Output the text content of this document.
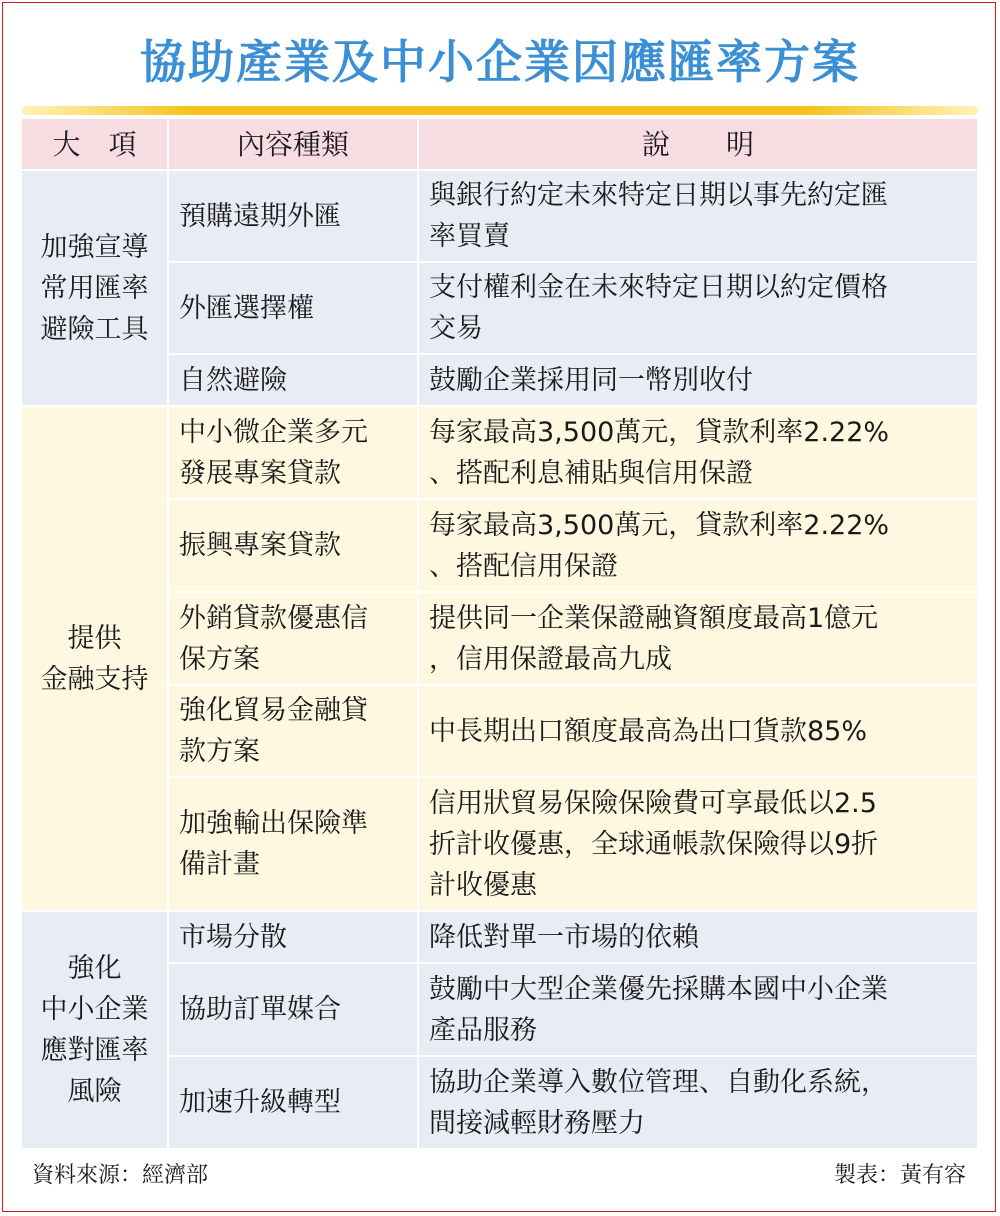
協助產業及中小企業因應匯率方案
大　項	內容種類	說　　明

加強宣導
常用匯率
避險工具	預購遠期外匯	與銀行約定未來特定日期以事先約定匯
率買賣

	外匯選擇權	支付權利金在未來特定日期以約定價格
交易

	自然避險	鼓勵企業採用同一幣別收付

提供
金融支持	中小微企業多元
發展專案貸款	每家最高3,500萬元，貸款利率2.22%
、搭配利息補貼與信用保證

	振興專案貸款	每家最高3,500萬元，貸款利率2.22%
、搭配信用保證

	外銷貸款優惠信
保方案	提供同一企業保證融資額度最高1億元
，信用保證最高九成

	強化貿易金融貸
款方案	中長期出口額度最高為出口貨款85%

	加強輸出保險準
備計畫	信用狀貿易保險保險費可享最低以2.5
折計收優惠，全球通帳款保險得以9折
計收優惠

強化
中小企業
應對匯率
風險	市場分散	降低對單一市場的依賴

	協助訂單媒合	鼓勵中大型企業優先採購本國中小企業
產品服務

	加速升級轉型	協助企業導入數位管理、自動化系統，
間接減輕財務壓力
資料來源：經濟部	製表：黃有容
